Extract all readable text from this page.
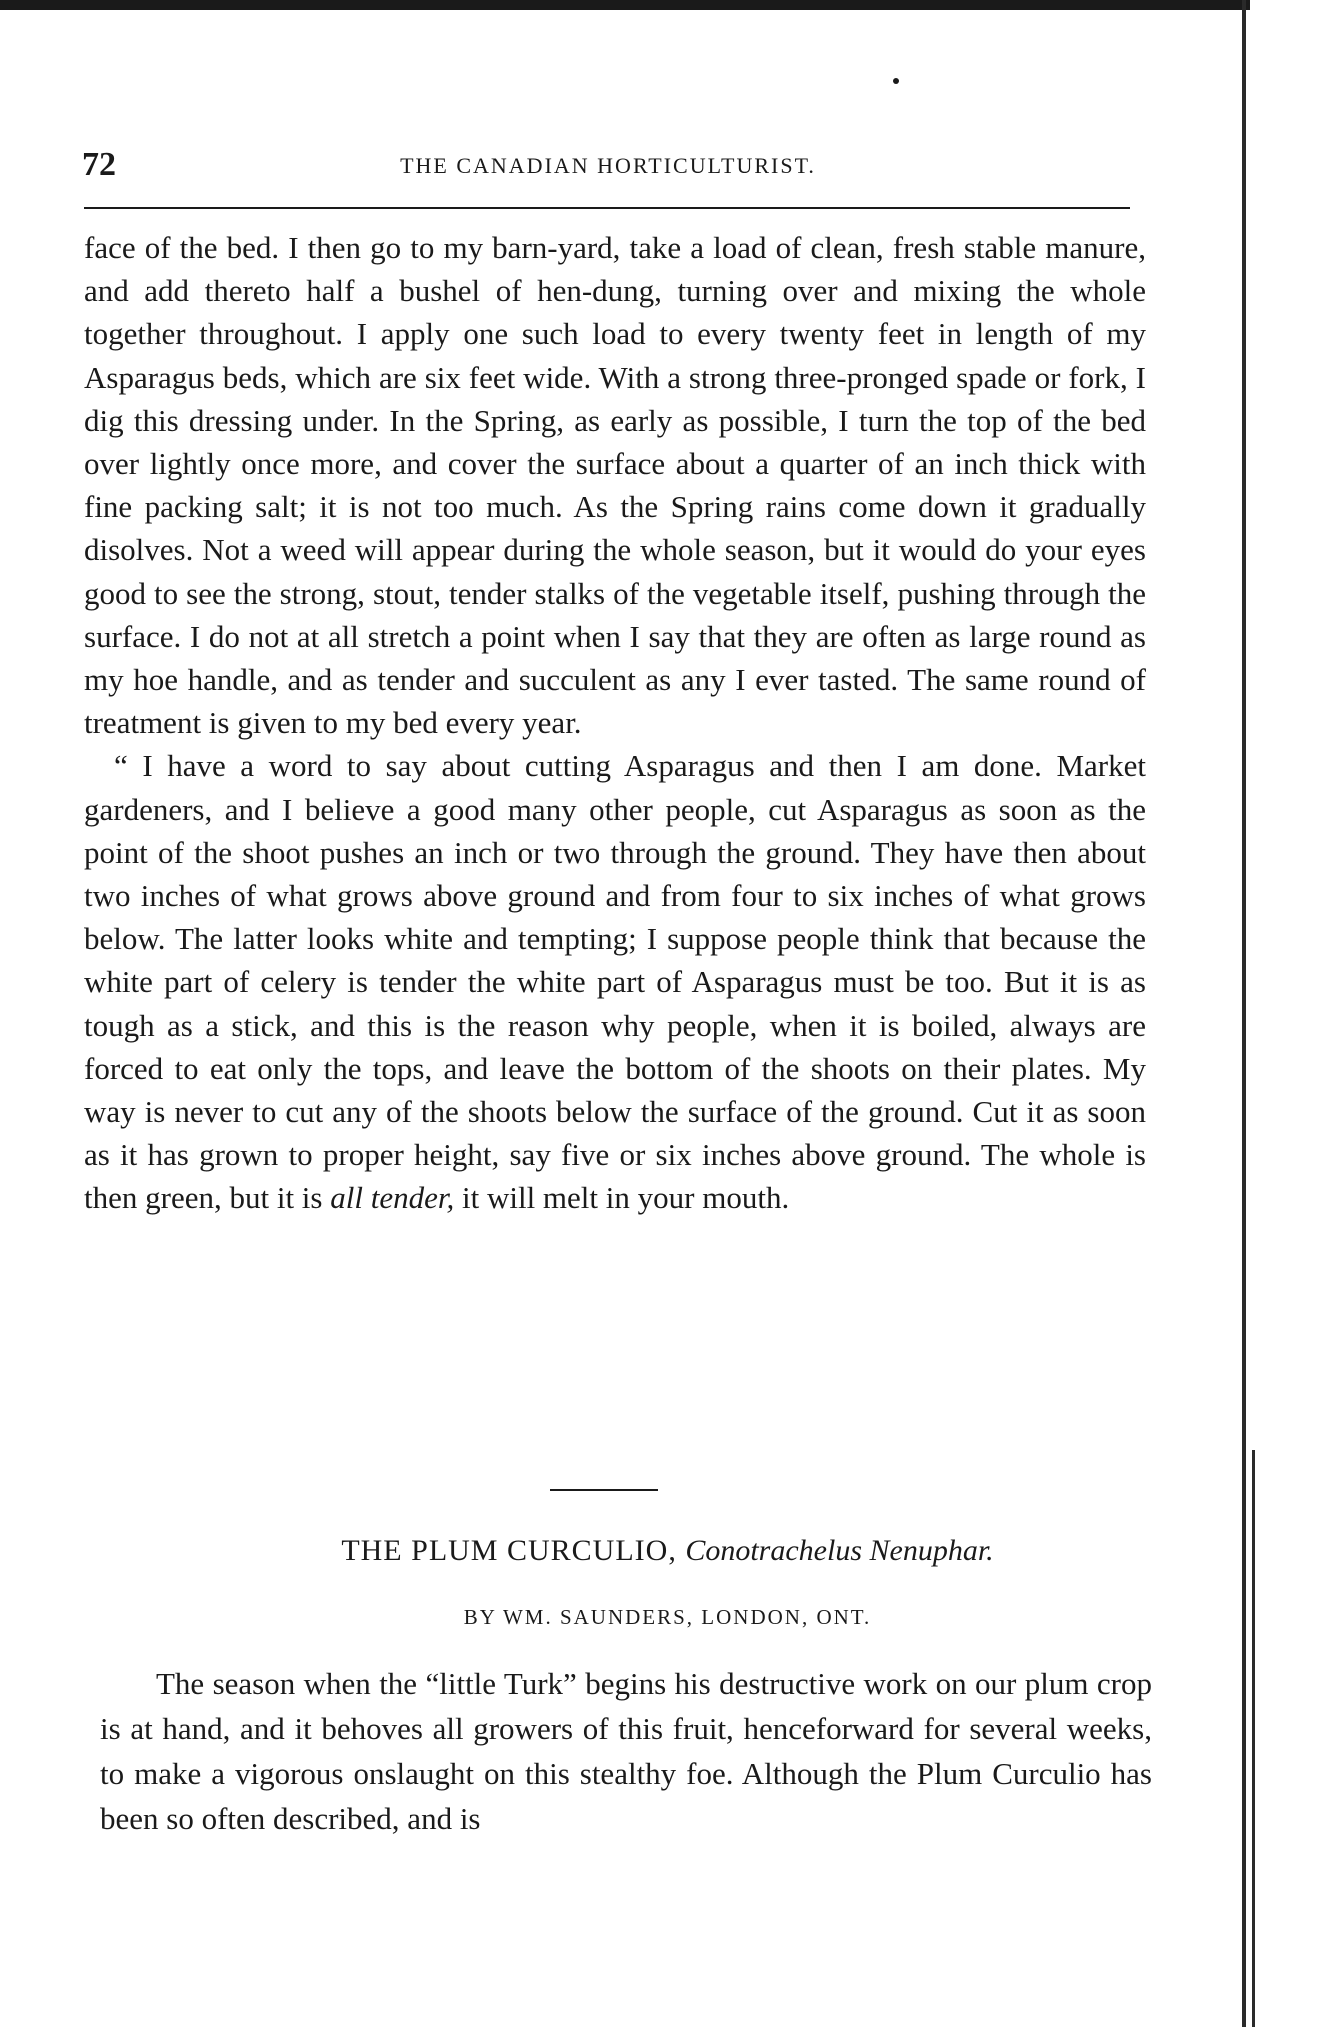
72	THE CANADIAN HORTICULTURIST.

face of the bed. I then go to my barn-yard, take a load of clean, fresh stable manure, and add thereto half a bushel of hen-dung, turning over and mixing the whole together throughout. I apply one such load to every twenty feet in length of my Asparagus beds, which are six feet wide. With a strong three-pronged spade or fork, I dig this dressing under. In the Spring, as early as possible, I turn the top of the bed over lightly once more, and cover the surface about a quarter of an inch thick with fine packing salt; it is not too much. As the Spring rains come down it gradually disolves. Not a weed will appear during the whole season, but it would do your eyes good to see the strong, stout, tender stalks of the vegetable itself, pushing through the surface. I do not at all stretch a point when I say that they are often as large round as my hoe handle, and as tender and succulent as any I ever tasted. The same round of treatment is given to my bed every year.

“ I have a word to say about cutting Asparagus and then I am done. Market gardeners, and I believe a good many other people, cut Asparagus as soon as the point of the shoot pushes an inch or two through the ground. They have then about two inches of what grows above ground and from four to six inches of what grows below. The latter looks white and tempting; I suppose people think that because the white part of celery is tender the white part of Asparagus must be too. But it is as tough as a stick, and this is the reason why people, when it is boiled, always are forced to eat only the tops, and leave the bottom of the shoots on their plates. My way is never to cut any of the shoots below the surface of the ground. Cut it as soon as it has grown to proper height, say five or six inches above ground. The whole is then green, but it is all tender, it will melt in your mouth.

THE PLUM CURCULIO, Conotrachelus Nenuphar.
BY WM. SAUNDERS, LONDON, ONT.

The season when the “little Turk” begins his destructive work on our plum crop is at hand, and it behoves all growers of this fruit, henceforward for several weeks, to make a vigorous onslaught on this stealthy foe. Although the Plum Curculio has been so often described, and is
